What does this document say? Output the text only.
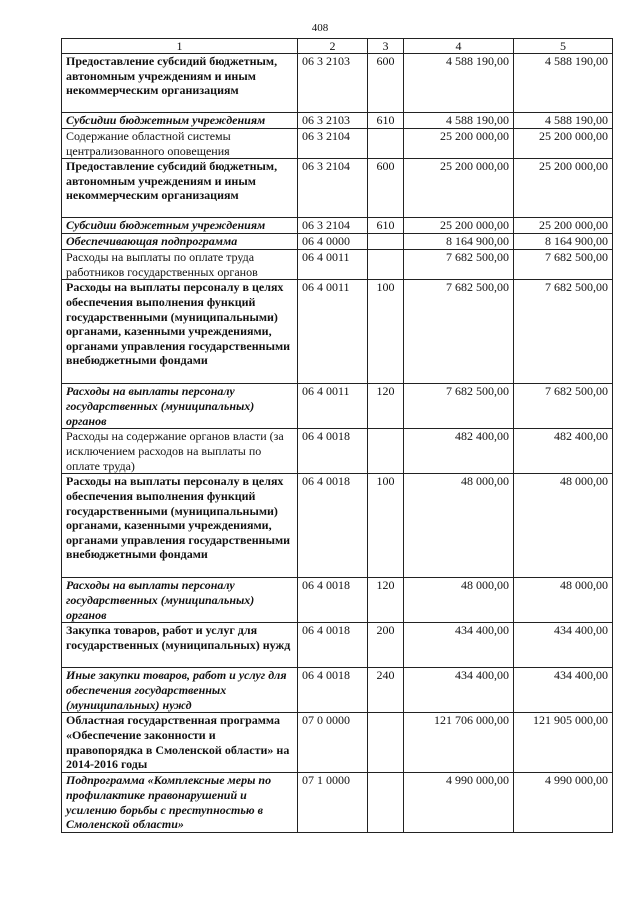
408
1	2	3	4	5
Предоставление субсидий бюджетным, автономным учреждениям и иным некоммерческим организациям	06 3 2103	600	4 588 190,00	4 588 190,00
Субсидии бюджетным учреждениям	06 3 2103	610	4 588 190,00	4 588 190,00
Содержание областной системы централизованного оповещения	06 3 2104		25 200 000,00	25 200 000,00
Предоставление субсидий бюджетным, автономным учреждениям и иным некоммерческим организациям	06 3 2104	600	25 200 000,00	25 200 000,00
Субсидии бюджетным учреждениям	06 3 2104	610	25 200 000,00	25 200 000,00
Обеспечивающая подпрограмма	06 4 0000		8 164 900,00	8 164 900,00
Расходы на выплаты по оплате труда работников государственных органов	06 4 0011		7 682 500,00	7 682 500,00
Расходы на выплаты персоналу в целях обеспечения выполнения функций государственными (муниципальными) органами, казенными учреждениями, органами управления государственными внебюджетными фондами	06 4 0011	100	7 682 500,00	7 682 500,00
Расходы на выплаты персоналу государственных (муниципальных) органов	06 4 0011	120	7 682 500,00	7 682 500,00
Расходы на содержание органов власти (за исключением расходов на выплаты по оплате труда)	06 4 0018		482 400,00	482 400,00
Расходы на выплаты персоналу в целях обеспечения выполнения функций государственными (муниципальными) органами, казенными учреждениями, органами управления государственными внебюджетными фондами	06 4 0018	100	48 000,00	48 000,00
Расходы на выплаты персоналу государственных (муниципальных) органов	06 4 0018	120	48 000,00	48 000,00
Закупка товаров, работ и услуг для государственных (муниципальных) нужд	06 4 0018	200	434 400,00	434 400,00
Иные закупки товаров, работ и услуг для обеспечения государственных (муниципальных) нужд	06 4 0018	240	434 400,00	434 400,00
Областная государственная программа «Обеспечение законности и правопорядка в Смоленской области» на 2014-2016 годы	07 0 0000		121 706 000,00	121 905 000,00
Подпрограмма «Комплексные меры по профилактике правонарушений и усилению борьбы с преступностью в Смоленской области»	07 1 0000		4 990 000,00	4 990 000,00
